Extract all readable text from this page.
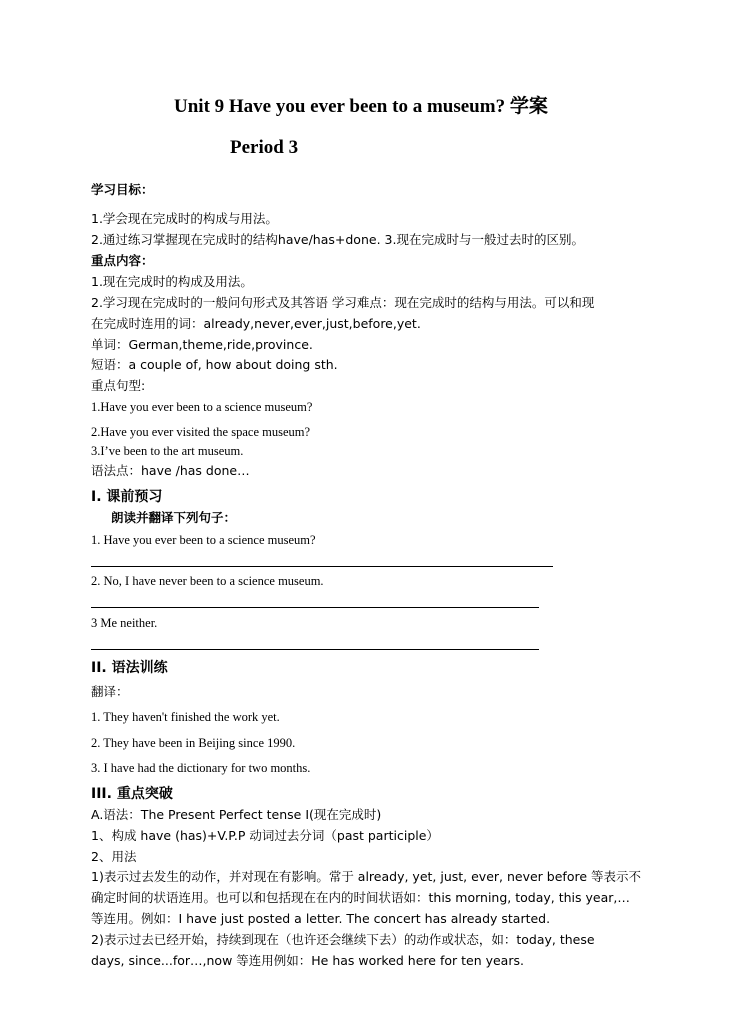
Unit 9 Have you ever been to a museum? 学案
Period 3
学习目标：
1.学会现在完成时的构成与用法。
2.通过练习掌握现在完成时的结构have/has+done. 3.现在完成时与一般过去时的区别。
重点内容：
1.现在完成时的构成及用法。
2.学习现在完成时的一般问句形式及其答语 学习难点：现在完成时的结构与用法。可以和现
在完成时连用的词：already,never,ever,just,before,yet.
单词：German,theme,ride,province.
短语：a couple of, how about doing sth.
重点句型:
1.Have you ever been to a science museum?
2.Have you ever visited the space museum?
3.I’ve been to the art museum.
语法点：have /has done…
I. 课前预习
朗读并翻译下列句子：
1. Have you ever been to a science museum?
2. No, I have never been to a science museum.
3 Me neither.
II. 语法训练
翻译：
1. They haven't finished the work yet.
2. They have been in Beijing since 1990.
3. I have had the dictionary for two months.
III. 重点突破
A.语法：The Present Perfect tense I(现在完成时)
1、构成 have (has)+V.P.P 动词过去分词（past participle）
2、用法
1)表示过去发生的动作，并对现在有影响。常于 already, yet, just, ever, never before 等表示不
确定时间的状语连用。也可以和包括现在在内的时间状语如：this morning, today, this year,…
等连用。例如：I have just posted a letter. The concert has already started.
2)表示过去已经开始，持续到现在（也许还会继续下去）的动作或状态，如：today, these
days, since...for…,now 等连用例如：He has worked here for ten years.
